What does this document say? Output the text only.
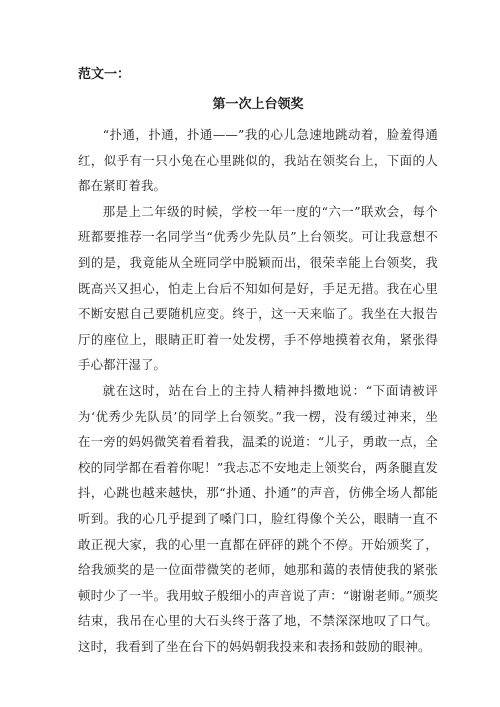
范文一：

第一次上台领奖

“扑通，扑通，扑通——”我的心儿急速地跳动着，脸羞得通红，似乎有一只小兔在心里跳似的，我站在领奖台上，下面的人都在紧盯着我。

那是上二年级的时候，学校一年一度的“六一”联欢会，每个班都要推荐一名同学当“优秀少先队员”上台领奖。可让我意想不到的是，我竟能从全班同学中脱颖而出，很荣幸能上台领奖，我既高兴又担心，怕走上台后不知如何是好，手足无措。我在心里不断安慰自己要随机应变。终于，这一天来临了。我坐在大报告厅的座位上，眼睛正盯着一处发楞，手不停地摸着衣角，紧张得手心都汗湿了。

就在这时，站在台上的主持人精神抖擞地说：“下面请被评为‘优秀少先队员’的同学上台领奖。”我一楞，没有缓过神来，坐在一旁的妈妈微笑着看着我，温柔的说道：“儿子，勇敢一点，全校的同学都在看着你呢！”我忐忑不安地走上领奖台，两条腿直发抖，心跳也越来越快，那“扑通、扑通”的声音，仿佛全场人都能听到。我的心几乎提到了嗓门口，脸红得像个关公，眼睛一直不敢正视大家，我的心里一直都在砰砰的跳个不停。开始颁奖了，给我颁奖的是一位面带微笑的老师，她那和蔼的表情使我的紧张顿时少了一半。我用蚊子般细小的声音说了声：“谢谢老师。”颁奖结束，我吊在心里的大石头终于落了地，不禁深深地叹了口气。这时，我看到了坐在台下的妈妈朝我投来和表扬和鼓励的眼神。
